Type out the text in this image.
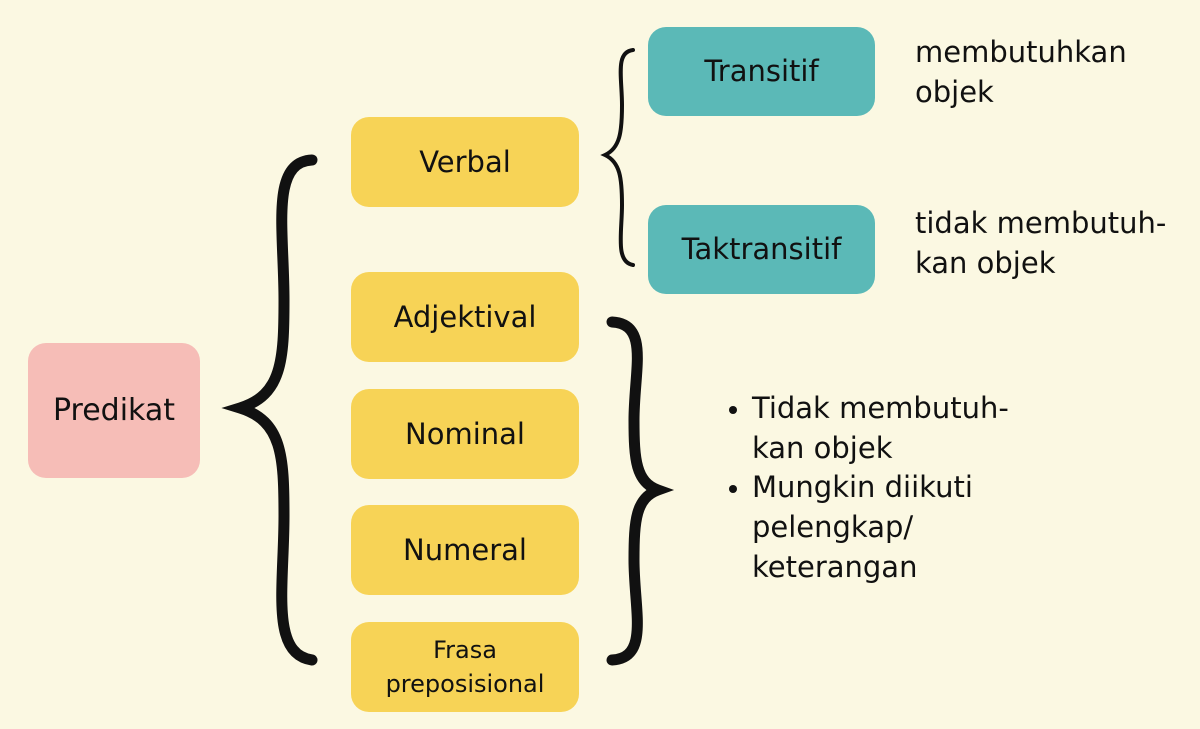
Predikat
Verbal
Adjektival
Nominal
Numeral
Frasa
preposisional
Transitif
Taktransitif
membutuhkan
objek
tidak membutuh-
kan objek
Tidak membutuh-
kan objek
Mungkin diikuti
pelengkap/
keterangan
